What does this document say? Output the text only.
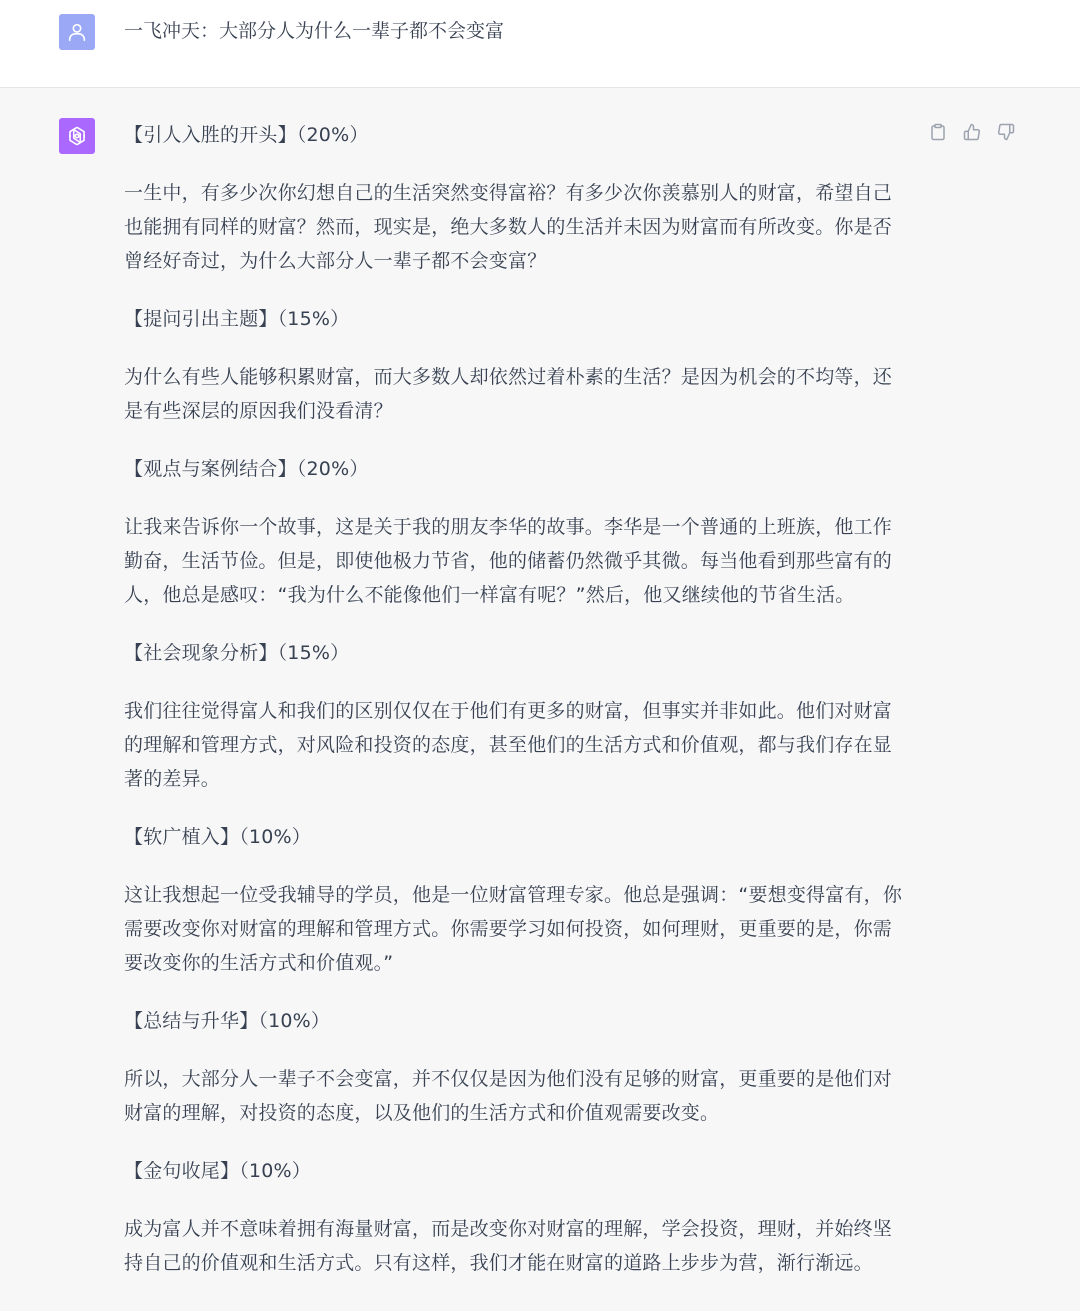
一飞冲天：大部分人为什么一辈子都不会变富

【引人入胜的开头】（20%）

一生中，有多少次你幻想自己的生活突然变得富裕？有多少次你羡慕别人的财富，希望自己
也能拥有同样的财富？然而，现实是，绝大多数人的生活并未因为财富而有所改变。你是否
曾经好奇过，为什么大部分人一辈子都不会变富？

【提问引出主题】（15%）

为什么有些人能够积累财富，而大多数人却依然过着朴素的生活？是因为机会的不均等，还
是有些深层的原因我们没看清？

【观点与案例结合】（20%）

让我来告诉你一个故事，这是关于我的朋友李华的故事。李华是一个普通的上班族，他工作
勤奋，生活节俭。但是，即使他极力节省，他的储蓄仍然微乎其微。每当他看到那些富有的
人，他总是感叹：“我为什么不能像他们一样富有呢？”然后，他又继续他的节省生活。

【社会现象分析】（15%）

我们往往觉得富人和我们的区别仅仅在于他们有更多的财富，但事实并非如此。他们对财富
的理解和管理方式，对风险和投资的态度，甚至他们的生活方式和价值观，都与我们存在显
著的差异。

【软广植入】（10%）

这让我想起一位受我辅导的学员，他是一位财富管理专家。他总是强调：“要想变得富有，你
需要改变你对财富的理解和管理方式。你需要学习如何投资，如何理财，更重要的是，你需
要改变你的生活方式和价值观。”

【总结与升华】（10%）

所以，大部分人一辈子不会变富，并不仅仅是因为他们没有足够的财富，更重要的是他们对
财富的理解，对投资的态度，以及他们的生活方式和价值观需要改变。

【金句收尾】（10%）

成为富人并不意味着拥有海量财富，而是改变你对财富的理解，学会投资，理财，并始终坚
持自己的价值观和生活方式。只有这样，我们才能在财富的道路上步步为营，渐行渐远。
